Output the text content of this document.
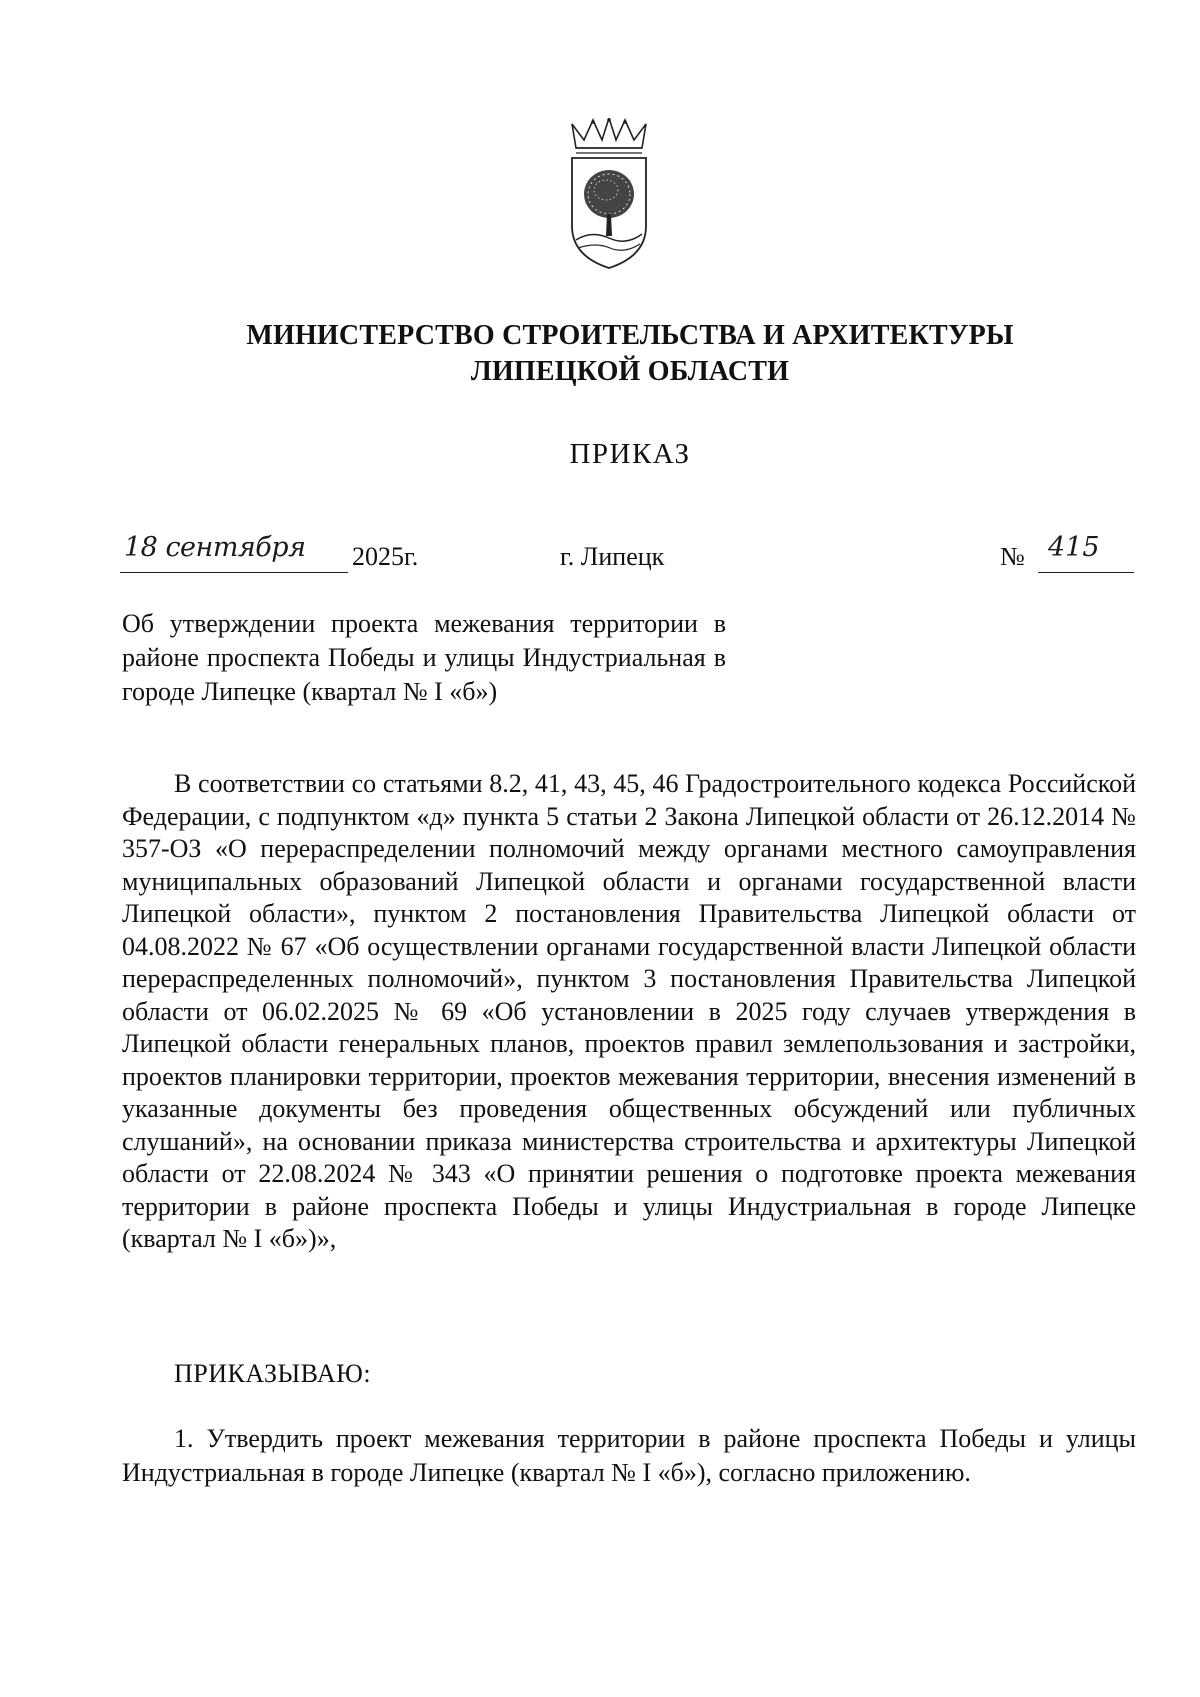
МИНИСТЕРСТВО СТРОИТЕЛЬСТВА И АРХИТЕКТУРЫ
ЛИПЕЦКОЙ ОБЛАСТИ
ПРИКАЗ
18 сентября 2025г.	г. Липецк	№ 415
Об утверждении проекта межевания территории в районе проспекта Победы и улицы Индустриальная в городе Липецке (квартал № I «б»)
В соответствии со статьями 8.2, 41, 43, 45, 46 Градостроительного кодекса Российской Федерации, с подпунктом «д» пункта 5 статьи 2 Закона Липецкой области от 26.12.2014 № 357-ОЗ «О перераспределении полномочий между органами местного самоуправления муниципальных образований Липецкой области и органами государственной власти Липецкой области», пунктом 2 постановления Правительства Липецкой области от 04.08.2022 № 67 «Об осуществлении органами государственной власти Липецкой области перераспределенных полномочий», пунктом 3 постановления Правительства Липецкой области от 06.02.2025 № 69 «Об установлении в 2025 году случаев утверждения в Липецкой области генеральных планов, проектов правил землепользования и застройки, проектов планировки территории, проектов межевания территории, внесения изменений в указанные документы без проведения общественных обсуждений или публичных слушаний», на основании приказа министерства строительства и архитектуры Липецкой области от 22.08.2024 № 343 «О принятии решения о подготовке проекта межевания территории в районе проспекта Победы и улицы Индустриальная в городе Липецке (квартал № I «б»)»,
ПРИКАЗЫВАЮ:
1. Утвердить проект межевания территории в районе проспекта Победы и улицы Индустриальная в городе Липецке (квартал № I «б»), согласно приложению.
